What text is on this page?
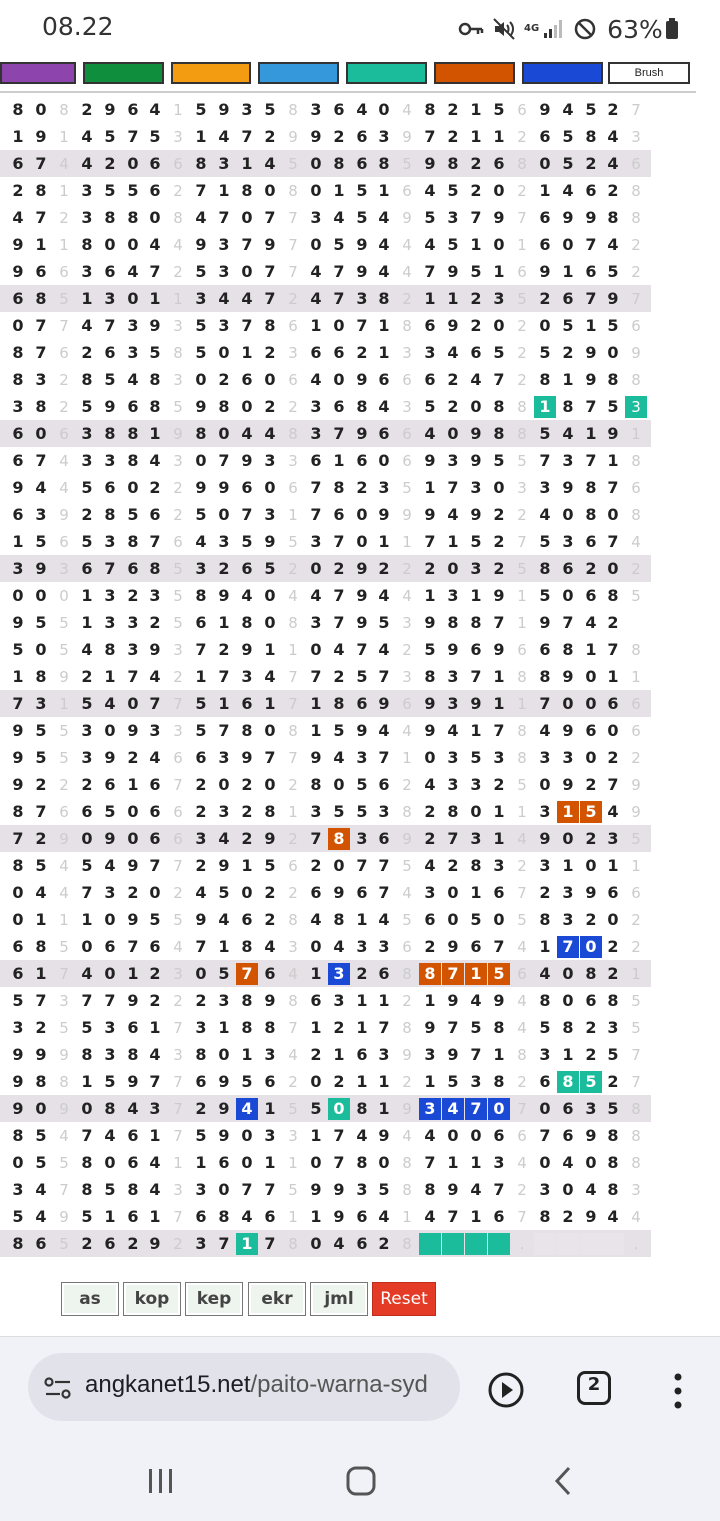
08.22	4G	63%
Brush
8 0 8 2 9 6 4 1 5 9 3 5 8 3 6 4 0 4 8 2 1 5 6 9 4 5 2 7
1 9 1 4 5 7 5 3 1 4 7 2 9 9 2 6 3 9 7 2 1 1 2 6 5 8 4 3
6 7 4 4 2 0 6 6 8 3 1 4 5 0 8 6 8 5 9 8 2 6 8 0 5 2 4 6
2 8 1 3 5 5 6 2 7 1 8 0 8 0 1 5 1 6 4 5 2 0 2 1 4 6 2 8
4 7 2 3 8 8 0 8 4 7 0 7 7 3 4 5 4 9 5 3 7 9 7 6 9 9 8 8
9 1 1 8 0 0 4 4 9 3 7 9 7 0 5 9 4 4 4 5 1 0 1 6 0 7 4 2
9 6 6 3 6 4 7 2 5 3 0 7 7 4 7 9 4 4 7 9 5 1 6 9 1 6 5 2
6 8 5 1 3 0 1 1 3 4 4 7 2 4 7 3 8 2 1 1 2 3 5 2 6 7 9 7
0 7 7 4 7 3 9 3 5 3 7 8 6 1 0 7 1 8 6 9 2 0 2 0 5 1 5 6
8 7 6 2 6 3 5 8 5 0 1 2 3 6 6 2 1 3 3 4 6 5 2 5 2 9 0 9
8 3 2 8 5 4 8 3 0 2 6 0 6 4 0 9 6 6 6 2 4 7 2 8 1 9 8 8
3 8 2 5 9 6 8 5 9 8 0 2 2 3 6 8 4 3 5 2 0 8 8 1 8 7 5 3
6 0 6 3 8 8 1 9 8 0 4 4 8 3 7 9 6 6 4 0 9 8 8 5 4 1 9 1
6 7 4 3 3 8 4 3 0 7 9 3 3 6 1 6 0 6 9 3 9 5 5 7 3 7 1 8
9 4 4 5 6 0 2 2 9 9 6 0 6 7 8 2 3 5 1 7 3 0 3 3 9 8 7 6
6 3 9 2 8 5 6 2 5 0 7 3 1 7 6 0 9 9 9 4 9 2 2 4 0 8 0 8
1 5 6 5 3 8 7 6 4 3 5 9 5 3 7 0 1 1 7 1 5 2 7 5 3 6 7 4
3 9 3 6 7 6 8 5 3 2 6 5 2 0 2 9 2 2 2 0 3 2 5 8 6 2 0 2
0 0 0 1 3 2 3 5 8 9 4 0 4 4 7 9 4 4 1 3 1 9 1 5 0 6 8 5
9 5 5 1 3 3 2 5 6 1 8 0 8 3 7 9 5 3 9 8 8 7 1 9 7 4 2
5 0 5 4 8 3 9 3 7 2 9 1 1 0 4 7 4 2 5 9 6 9 6 6 8 1 7 8
1 8 9 2 1 7 4 2 1 7 3 4 7 7 2 5 7 3 8 3 7 1 8 8 9 0 1 1
7 3 1 5 4 0 7 7 5 1 6 1 7 1 8 6 9 6 9 3 9 1 1 7 0 0 6 6
9 5 5 3 0 9 3 3 5 7 8 0 8 1 5 9 4 4 9 4 1 7 8 4 9 6 0 6
9 5 5 3 9 2 4 6 6 3 9 7 7 9 4 3 7 1 0 3 5 3 8 3 3 0 2 2
9 2 2 2 6 1 6 7 2 0 2 0 2 8 0 5 6 2 4 3 3 2 5 0 9 2 7 9
8 7 6 6 5 0 6 6 2 3 2 8 1 3 5 5 3 8 2 8 0 1 1 3 1 5 4 9
7 2 9 0 9 0 6 6 3 4 2 9 2 7 8 3 6 9 2 7 3 1 4 9 0 2 3 5
8 5 4 5 4 9 7 7 2 9 1 5 6 2 0 7 7 5 4 2 8 3 2 3 1 0 1 1
0 4 4 7 3 2 0 2 4 5 0 2 2 6 9 6 7 4 3 0 1 6 7 2 3 9 6 6
0 1 1 1 0 9 5 5 9 4 6 2 8 4 8 1 4 5 6 0 5 0 5 8 3 2 0 2
6 8 5 0 6 7 6 4 7 1 8 4 3 0 4 3 3 6 2 9 6 7 4 1 7 0 2 2
6 1 7 4 0 1 2 3 0 5 7 6 4 1 3 2 6 8 8 7 1 5 6 4 0 8 2 1
5 7 3 7 7 9 2 2 2 3 8 9 8 6 3 1 1 2 1 9 4 9 4 8 0 6 8 5
3 2 5 5 3 6 1 7 3 1 8 8 7 1 2 1 7 8 9 7 5 8 4 5 8 2 3 5
9 9 9 8 3 8 4 3 8 0 1 3 4 2 1 6 3 9 3 9 7 1 8 3 1 2 5 7
9 8 8 1 5 9 7 7 6 9 5 6 2 0 2 1 1 2 1 5 3 8 2 6 8 5 2 7
9 0 9 0 8 4 3 7 2 9 4 1 5 5 0 8 1 9 3 4 7 0 7 0 6 3 5 8
8 5 4 7 4 6 1 7 5 9 0 3 3 1 7 4 9 4 4 0 0 6 6 7 6 9 8 8
0 5 5 8 0 6 4 1 1 6 0 1 1 0 7 8 0 8 7 1 1 3 4 0 4 0 8 8
3 4 7 8 5 8 4 3 3 0 7 7 5 9 9 3 5 8 8 9 4 7 2 3 0 4 8 3
5 4 9 5 1 6 1 7 6 8 4 6 1 1 9 6 4 1 4 7 1 6 7 8 2 9 4 4
8 6 5 2 6 2 9 2 3 7 1 7 8 0 4 6 2 8	.	.
as	kop	kep	ekr	jml	Reset
angkanet15.net/paito-warna-syd	2
